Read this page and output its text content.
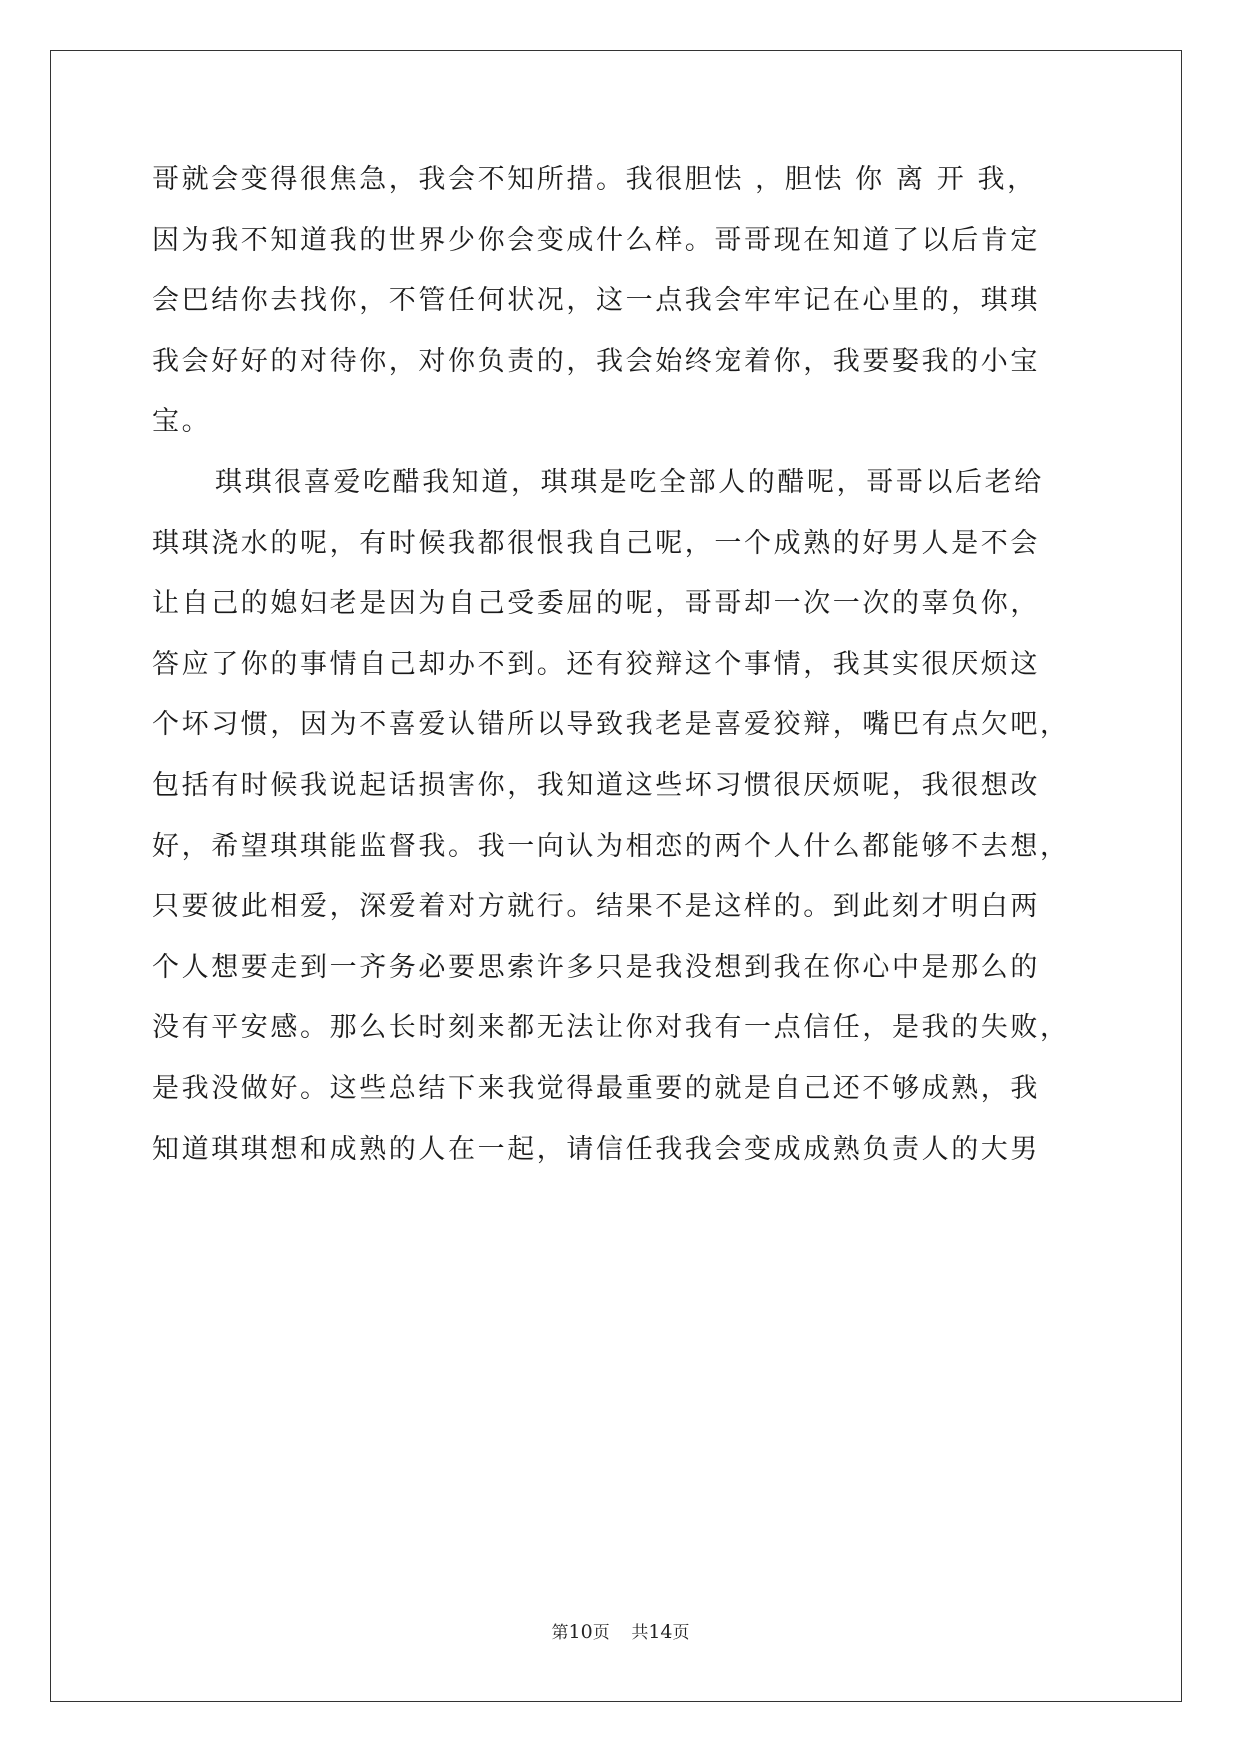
哥就会变得很焦急，我会不知所措。我很胆怯 ，胆怯 你 离 开 我，
因为我不知道我的世界少你会变成什么样。哥哥现在知道了以后肯定
会巴结你去找你，不管任何状况，这一点我会牢牢记在心里的，琪琪
我会好好的对待你，对你负责的，我会始终宠着你，我要娶我的小宝
宝。
琪琪很喜爱吃醋我知道，琪琪是吃全部人的醋呢，哥哥以后老给
琪琪浇水的呢，有时候我都很恨我自己呢，一个成熟的好男人是不会
让自己的媳妇老是因为自己受委屈的呢，哥哥却一次一次的辜负你，
答应了你的事情自己却办不到。还有狡辩这个事情，我其实很厌烦这
个坏习惯，因为不喜爱认错所以导致我老是喜爱狡辩，嘴巴有点欠吧，
包括有时候我说起话损害你，我知道这些坏习惯很厌烦呢，我很想改
好，希望琪琪能监督我。我一向认为相恋的两个人什么都能够不去想，
只要彼此相爱，深爱着对方就行。结果不是这样的。到此刻才明白两
个人想要走到一齐务必要思索许多只是我没想到我在你心中是那么的
没有平安感。那么长时刻来都无法让你对我有一点信任，是我的失败，
是我没做好。这些总结下来我觉得最重要的就是自己还不够成熟，我
知道琪琪想和成熟的人在一起，请信任我我会变成成熟负责人的大男
第10页 共14页
